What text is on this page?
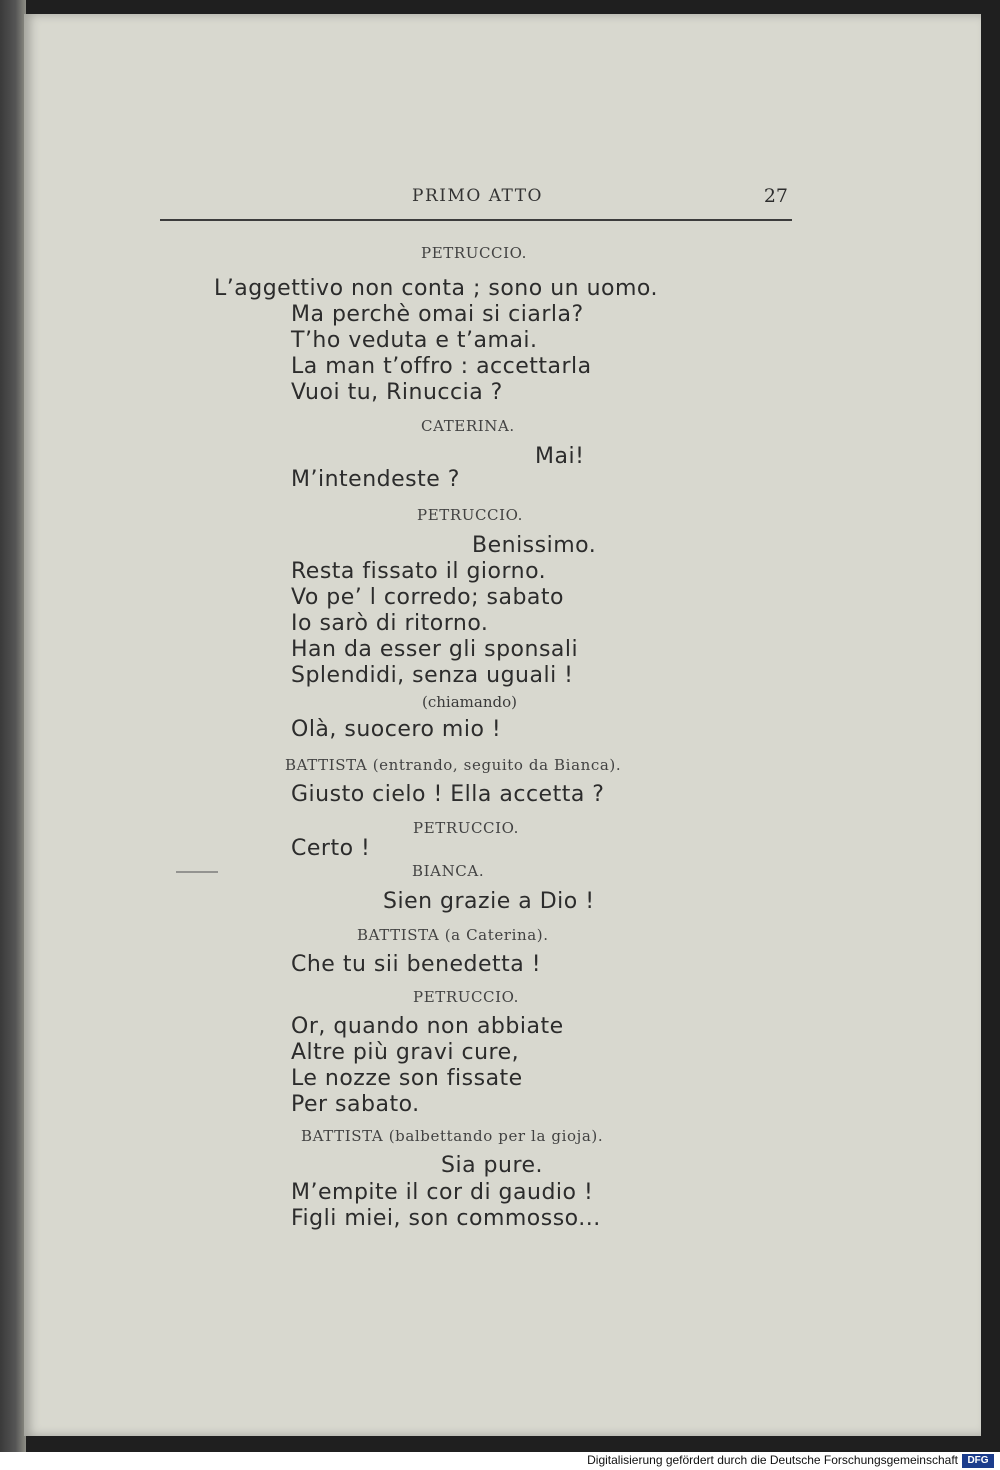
PRIMO ATTO	27
PETRUCCIO.
L’aggettivo non conta ; sono un uomo.
Ma perchè omai si ciarla?
T’ho veduta e t’amai.
La man t’offro : accettarla
Vuoi tu, Rinuccia ?
CATERINA.
Mai!
M’intendeste ?
PETRUCCIO.
Benissimo.
Resta fissato il giorno.
Vo pe’ l corredo; sabato
Io sarò di ritorno.
Han da esser gli sponsali
Splendidi, senza uguali !
(chiamando)
Olà, suocero mio !
BATTISTA (entrando, seguito da Bianca).
Giusto cielo ! Ella accetta ?
PETRUCCIO.
Certo !
BIANCA.
Sien grazie a Dio !
BATTISTA (a Caterina).
Che tu sii benedetta !
PETRUCCIO.
Or, quando non abbiate
Altre più gravi cure,
Le nozze son fissate
Per sabato.
BATTISTA (balbettando per la gioja).
Sia pure.
M’empite il cor di gaudio !
Figli miei, son commosso...
Digitalisierung gefördert durch die Deutsche Forschungsgemeinschaft DFG
